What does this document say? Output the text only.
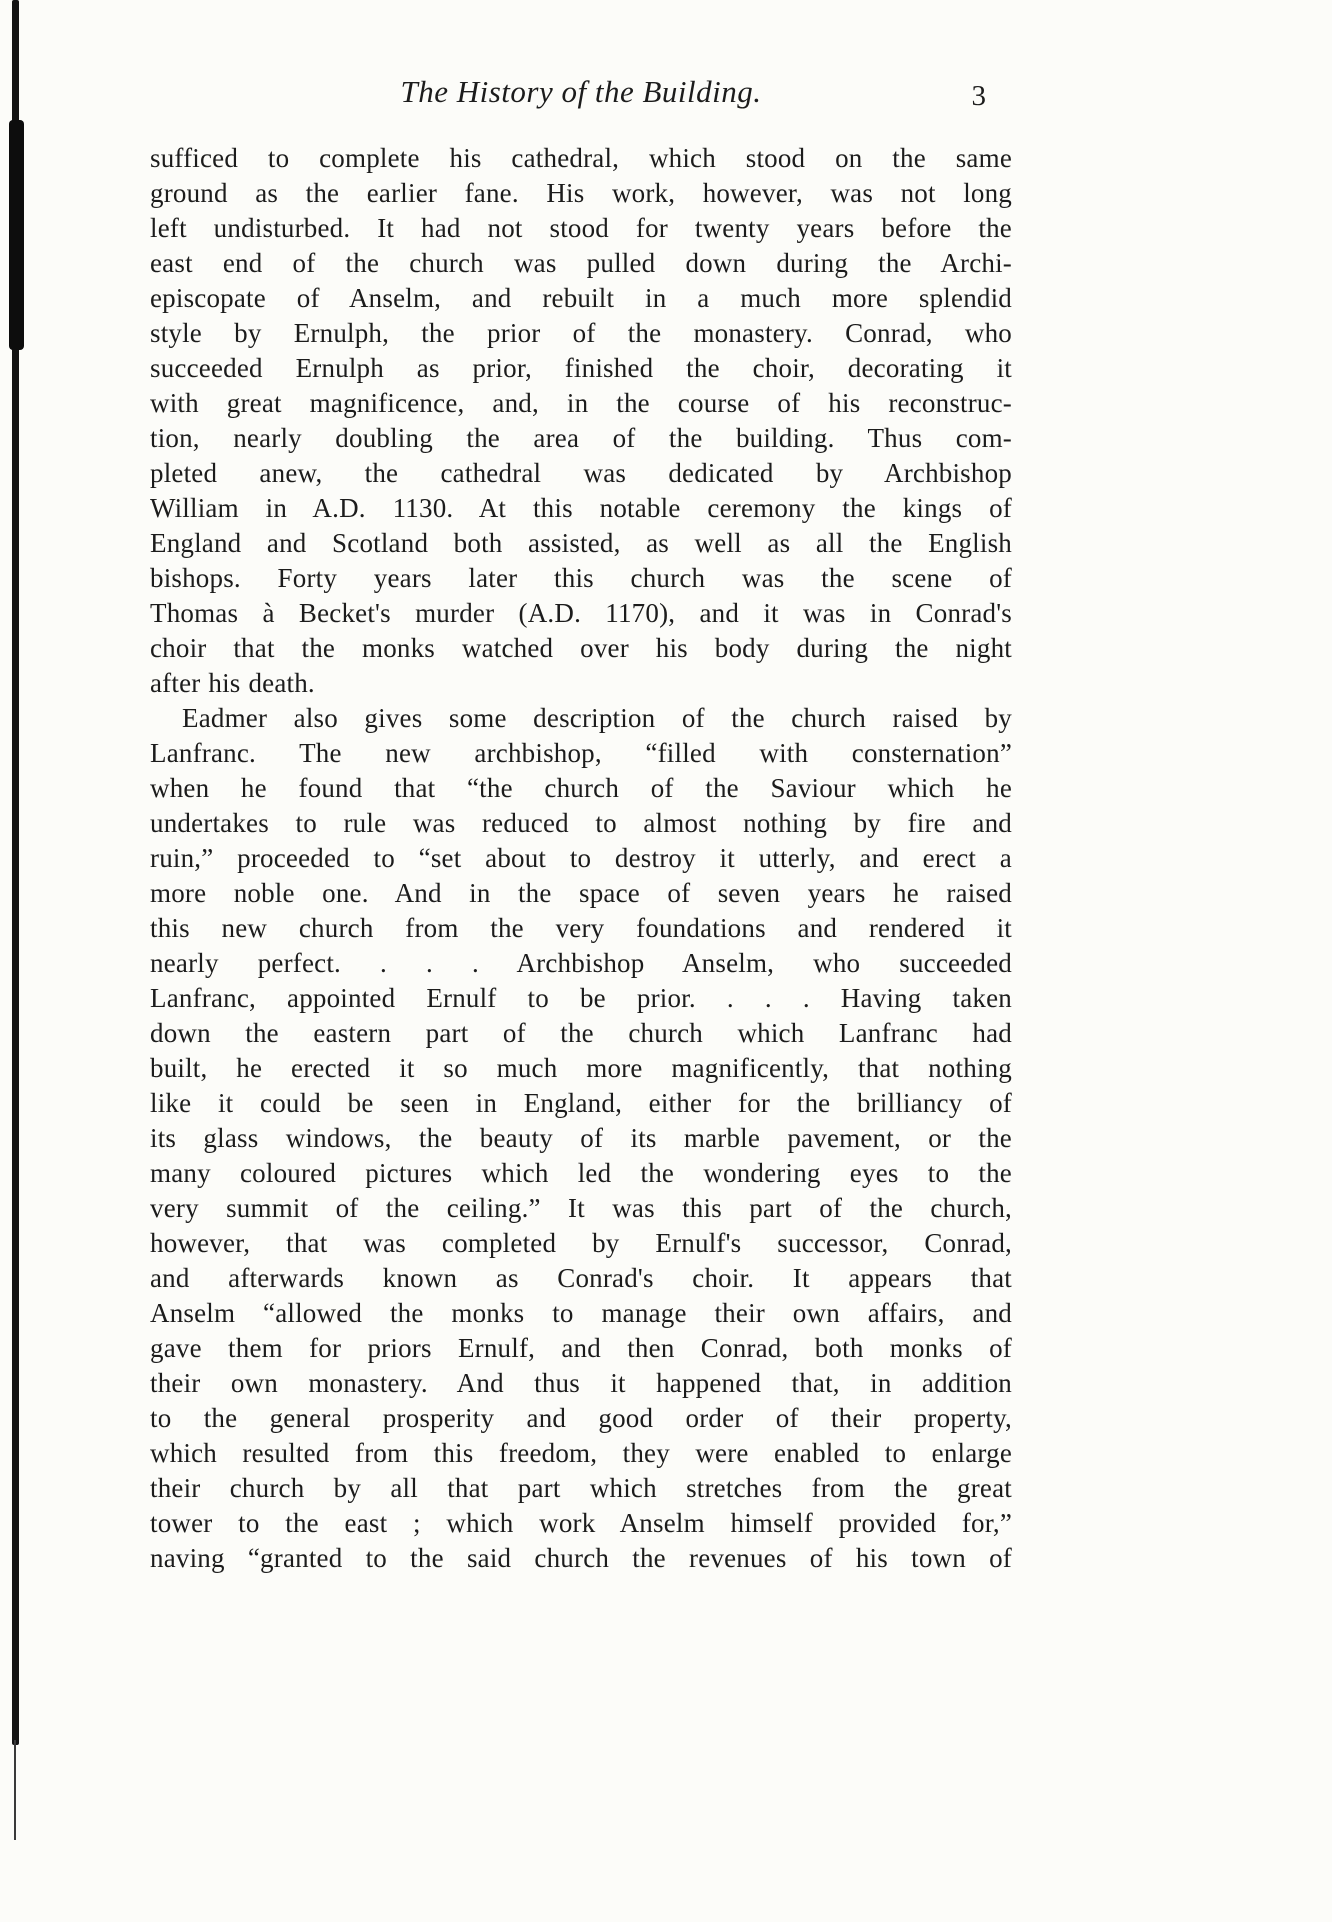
The History of the Building.	3
sufficed to complete his cathedral, which stood on the same
ground as the earlier fane. His work, however, was not long
left undisturbed. It had not stood for twenty years before the
east end of the church was pulled down during the Archi-
episcopate of Anselm, and rebuilt in a much more splendid
style by Ernulph, the prior of the monastery. Conrad, who
succeeded Ernulph as prior, finished the choir, decorating it
with great magnificence, and, in the course of his reconstruc-
tion, nearly doubling the area of the building. Thus com-
pleted anew, the cathedral was dedicated by Archbishop
William in A.D. 1130. At this notable ceremony the kings of
England and Scotland both assisted, as well as all the English
bishops. Forty years later this church was the scene of
Thomas à Becket's murder (A.D. 1170), and it was in Conrad's
choir that the monks watched over his body during the night
after his death.
Eadmer also gives some description of the church raised by
Lanfranc. The new archbishop, “filled with consternation”
when he found that “the church of the Saviour which he
undertakes to rule was reduced to almost nothing by fire and
ruin,” proceeded to “set about to destroy it utterly, and erect a
more noble one. And in the space of seven years he raised
this new church from the very foundations and rendered it
nearly perfect. . . . Archbishop Anselm, who succeeded
Lanfranc, appointed Ernulf to be prior. . . . Having taken
down the eastern part of the church which Lanfranc had
built, he erected it so much more magnificently, that nothing
like it could be seen in England, either for the brilliancy of
its glass windows, the beauty of its marble pavement, or the
many coloured pictures which led the wondering eyes to the
very summit of the ceiling.” It was this part of the church,
however, that was completed by Ernulf's successor, Conrad,
and afterwards known as Conrad's choir. It appears that
Anselm “allowed the monks to manage their own affairs, and
gave them for priors Ernulf, and then Conrad, both monks of
their own monastery. And thus it happened that, in addition
to the general prosperity and good order of their property,
which resulted from this freedom, they were enabled to enlarge
their church by all that part which stretches from the great
tower to the east ; which work Anselm himself provided for,”
naving “granted to the said church the revenues of his town of
